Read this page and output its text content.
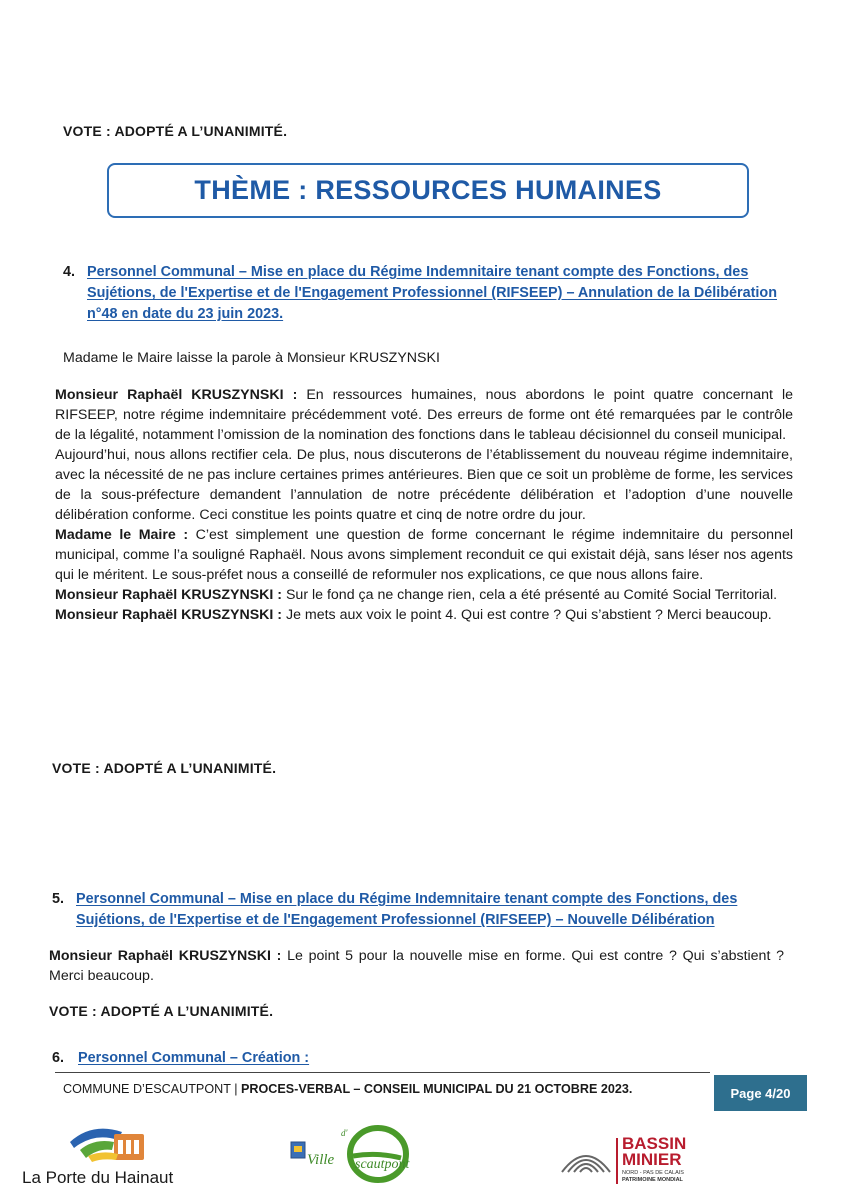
VOTE : ADOPTÉ A L’UNANIMITÉ.
THÈME : RESSOURCES HUMAINES
4. Personnel Communal – Mise en place du Régime Indemnitaire tenant compte des Fonctions, des
Sujétions, de l'Expertise et de l'Engagement Professionnel (RIFSEEP) – Annulation de la Délibération
n°48 en date du 23 juin 2023.
Madame le Maire laisse la parole à Monsieur KRUSZYNSKI

Monsieur Raphaël KRUSZYNSKI : En ressources humaines, nous abordons le point quatre concernant le RIFSEEP, notre régime indemnitaire précédemment voté. Des erreurs de forme ont été remarquées par le contrôle de la légalité, notamment l’omission de la nomination des fonctions dans le tableau décisionnel du conseil municipal.

Aujourd’hui, nous allons rectifier cela. De plus, nous discuterons de l’établissement du nouveau régime indemnitaire, avec la nécessité de ne pas inclure certaines primes antérieures. Bien que ce soit un problème de forme, les services de la sous-préfecture demandent l’annulation de notre précédente délibération et l’adoption d’une nouvelle délibération conforme. Ceci constitue les points quatre et cinq de notre ordre du jour.

Madame le Maire : C’est simplement une question de forme concernant le régime indemnitaire du personnel municipal, comme l’a souligné Raphaël. Nous avons simplement reconduit ce qui existait déjà, sans léser nos agents qui le méritent. Le sous-préfet nous a conseillé de reformuler nos explications, ce que nous allons faire.

Monsieur Raphaël KRUSZYNSKI : Sur le fond ça ne change rien, cela a été présenté au Comité Social Territorial.

Monsieur Raphaël KRUSZYNSKI : Je mets aux voix le point 4. Qui est contre ? Qui s’abstient ? Merci beaucoup.

VOTE : ADOPTÉ A L’UNANIMITÉ.
5. Personnel Communal – Mise en place du Régime Indemnitaire tenant compte des Fonctions, des
Sujétions, de l'Expertise et de l'Engagement Professionnel (RIFSEEP) – Nouvelle Délibération

Monsieur Raphaël KRUSZYNSKI : Le point 5 pour la nouvelle mise en forme. Qui est contre ? Qui s’abstient ? Merci beaucoup.

VOTE : ADOPTÉ A L’UNANIMITÉ.
6. Personnel Communal – Création :
COMMUNE D’ESCAUTPONT | PROCES-VERBAL – CONSEIL MUNICIPAL DU 21 OCTOBRE 2023.	Page 4/20
La Porte du Hainaut
Ville scautpont
d'
BASSIN
MINIER
NORD - PAS DE CALAIS
PATRIMOINE MONDIAL
